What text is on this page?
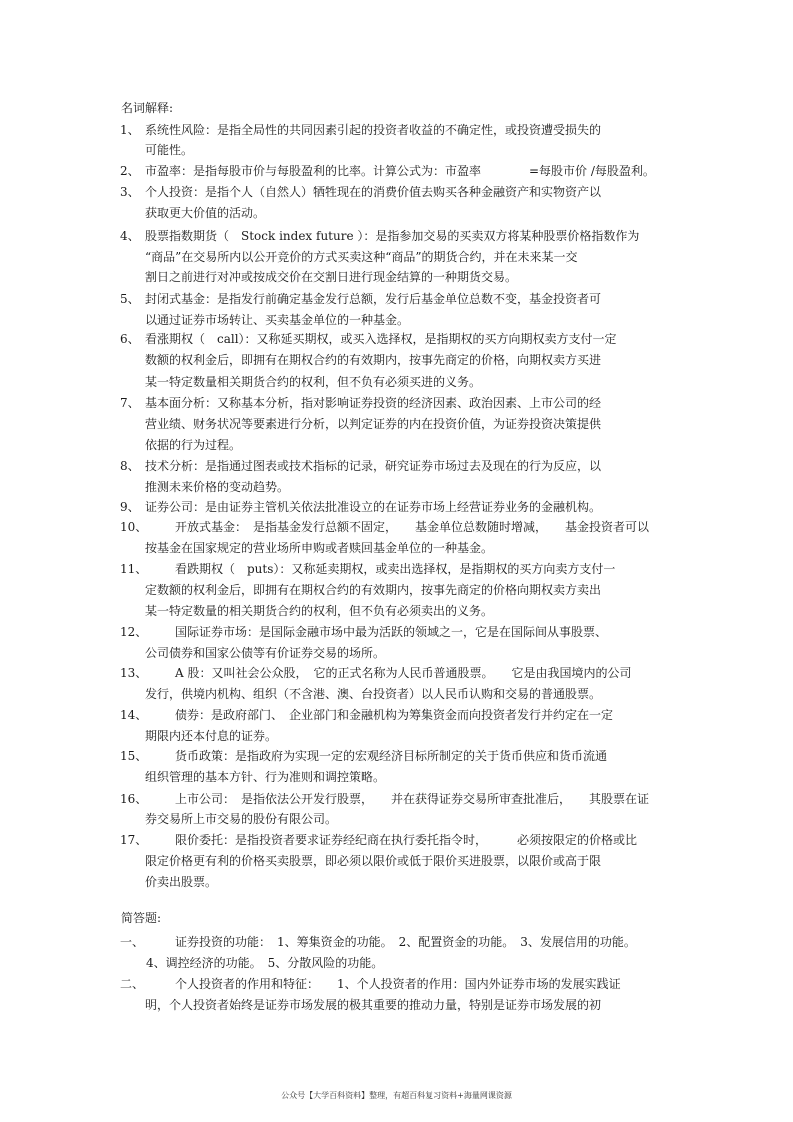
名词解释:
1、 系统性风险：是指全局性的共同因素引起的投资者收益的不确定性，或投资遭受损失的
可能性。
2、 市盈率：是指每股市价与每股盈利的比率。计算公式为：市盈率　　　　=每股市价 /每股盈利。
3、 个人投资：是指个人（自然人）牺牲现在的消费价值去购买各种金融资产和实物资产以
获取更大价值的活动。
4、 股票指数期货（　Stock index future ）：是指参加交易的买卖双方将某种股票价格指数作为
“商品”在交易所内以公开竞价的方式买卖这种“商品”的期货合约，并在未来某一交
割日之前进行对冲或按成交价在交割日进行现金结算的一种期货交易。
5、 封闭式基金：是指发行前确定基金发行总额，发行后基金单位总数不变，基金投资者可
以通过证券市场转让、买卖基金单位的一种基金。
6、 看涨期权（　call）：又称延买期权，或买入选择权，是指期权的买方向期权卖方支付一定
数额的权利金后，即拥有在期权合约的有效期内，按事先商定的价格，向期权卖方买进
某一特定数量相关期货合约的权利，但不负有必须买进的义务。
7、 基本面分析：又称基本分析，指对影响证券投资的经济因素、政治因素、上市公司的经
营业绩、财务状况等要素进行分析，以判定证券的内在投资价值，为证券投资决策提供
依据的行为过程。
8、 技术分析：是指通过图表或技术指标的记录，研究证券市场过去及现在的行为反应，以
推测未来价格的变动趋势。
9、 证券公司：是由证券主管机关依法批准设立的在证券市场上经营证券业务的金融机构。
10、 开放式基金：　是指基金发行总额不固定，　　基金单位总数随时增减，　　基金投资者可以
按基金在国家规定的营业场所申购或者赎回基金单位的一种基金。
11、 看跌期权（　puts）：又称延卖期权，或卖出选择权，是指期权的买方向卖方支付一
定数额的权利金后，即拥有在期权合约的有效期内，按事先商定的价格向期权卖方卖出
某一特定数量的相关期货合约的权利，但不负有必须卖出的义务。
12、 国际证券市场：是国际金融市场中最为活跃的领域之一，它是在国际间从事股票、
公司债券和国家公债等有价证券交易的场所。
13、 A 股：又叫社会公众股，　它的正式名称为人民币普通股票。　　它是由我国境内的公司
发行，供境内机构、组织（不含港、澳、台投资者）以人民币认购和交易的普通股票。
14、 债券：是政府部门、　企业部门和金融机构为筹集资金而向投资者发行并约定在一定
期限内还本付息的证券。
15、 货币政策：是指政府为实现一定的宏观经济目标所制定的关于货币供应和货币流通
组织管理的基本方针、行为准则和调控策略。
16、 上市公司：　是指依法公开发行股票，　　并在获得证券交易所审查批准后，　　其股票在证
券交易所上市交易的股份有限公司。
17、 限价委托：是指投资者要求证券经纪商在执行委托指令时，　　　必须按限定的价格或比
限定价格更有利的价格买卖股票，即必须以限价或低于限价买进股票，以限价或高于限
价卖出股票。
简答题:
一、	证券投资的功能：　1、筹集资金的功能。　2、配置资金的功能。　3、发展信用的功能。
4、调控经济的功能。　5、分散风险的功能。
二、	个人投资者的作用和特征：　　1、个人投资者的作用：国内外证券市场的发展实践证
明，个人投资者始终是证券市场发展的极其重要的推动力量，特别是证券市场发展的初
公众号【大学百科资料】整理，有超百科复习资料+海量网课资源
